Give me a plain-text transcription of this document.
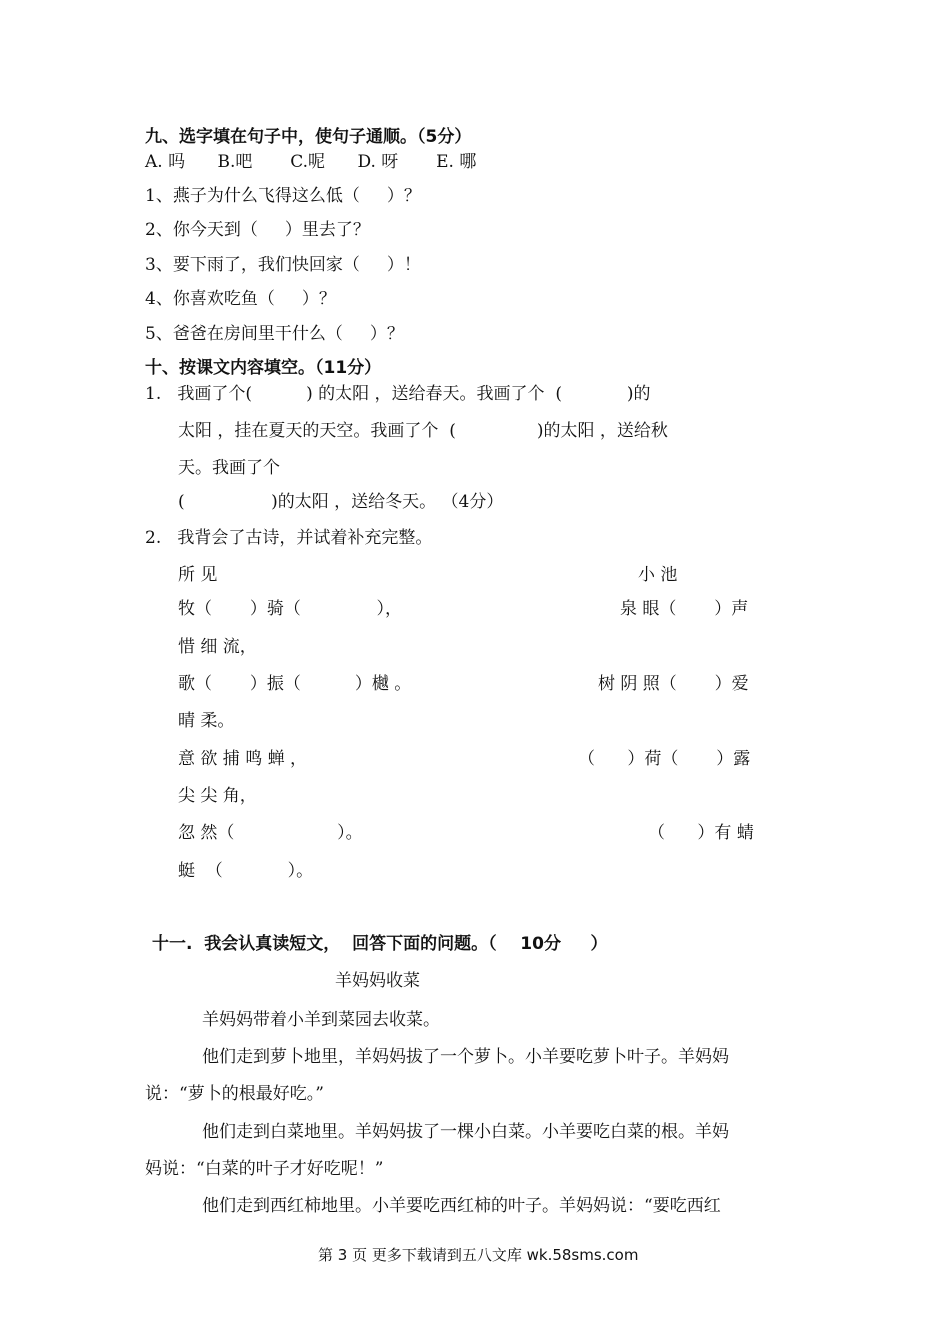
九、选字填在句子中，使句子通顺。（5分）
A. 吗      B.吧       C.呢      D. 呀       E. 哪
1、燕子为什么飞得这么低（     ）？
2、你今天到（     ）里去了？
3、要下雨了，我们快回家（     ）！
4、你喜欢吃鱼（     ）？
5、爸爸在房间里干什么（     ）？
十、按课文内容填空。（11分）
1.   我画了个(          ) 的太阳 ，送给春天。我画了个  (            )的
太阳 ，挂在夏天的天空。我画了个  (               )的太阳 ，送给秋
天。我画了个
(                )的太阳 ，送给冬天。 （4分）
2.   我背会了古诗，并试着补充完整。
所 见	小 池
牧（       ）骑（              ），	泉 眼（       ）声
惜 细 流，
歌（       ）振（          ）樾 。	树 阴 照（       ）爱
晴 柔。
意 欲 捕 鸣 蝉 ，	（      ）荷（       ）露
尖 尖 角，
忽 然（                   ）。	（      ）有 蜻
蜓  （            ）。
十一.  我会认真读短文，  回答下面的问题。（    10分     ）
羊妈妈收菜
羊妈妈带着小羊到菜园去收菜。
他们走到萝卜地里，羊妈妈拔了一个萝卜。小羊要吃萝卜叶子。羊妈妈
说：“萝卜的根最好吃。”
他们走到白菜地里。羊妈妈拔了一棵小白菜。小羊要吃白菜的根。羊妈
妈说：“白菜的叶子才好吃呢！”
他们走到西红柿地里。小羊要吃西红柿的叶子。羊妈妈说：“要吃西红
第 3 页 更多下载请到五八文库 wk.58sms.com
